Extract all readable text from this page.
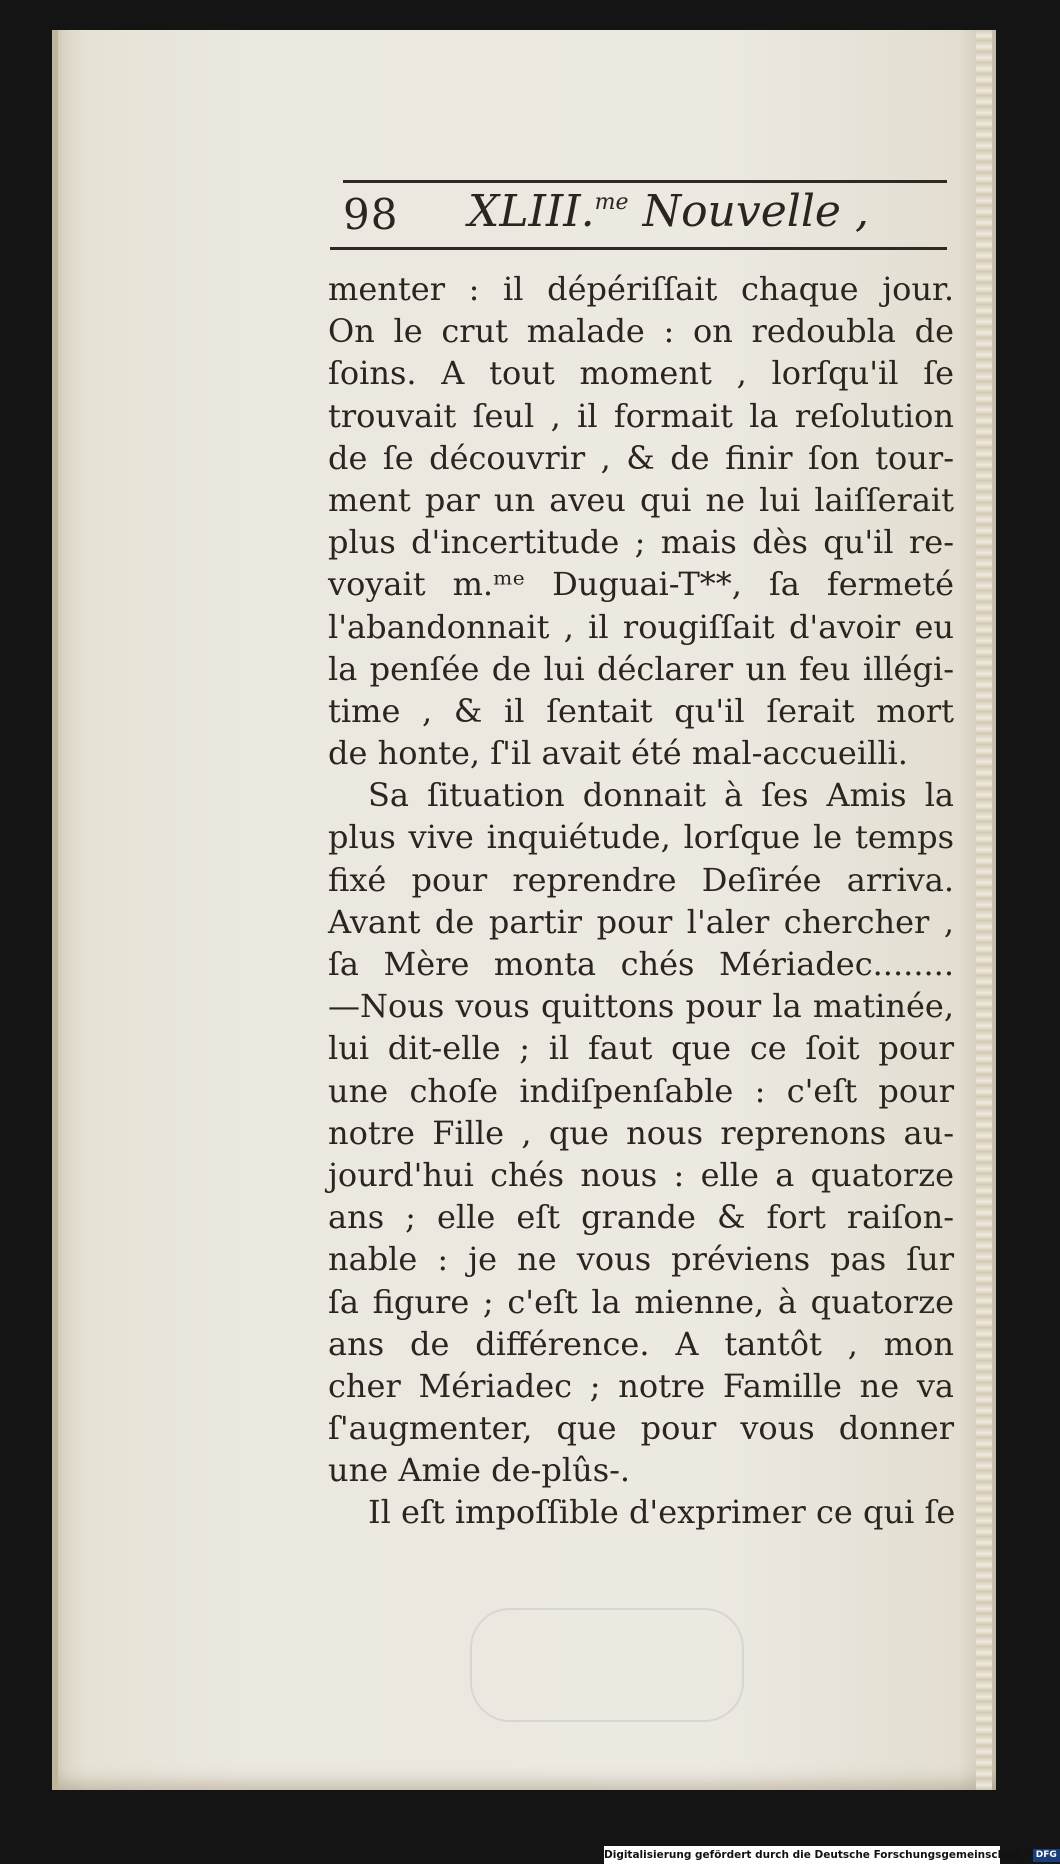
98 XLIII.$^{me}$ Nouvelle ,
menter : il dépériſſait chaque jour.
On le crut malade : on redoubla de
ſoins. A tout moment , lorſqu'il ſe
trouvait ſeul , il formait la reſolution
de ſe découvrir , & de finir ſon tour-
ment par un aveu qui ne lui laiſſerait
plus d'incertitude ; mais dès qu'il re-
voyait m.ᵐᵉ Duguai-T**, ſa fermeté
l'abandonnait , il rougiſſait d'avoir eu
la penſée de lui déclarer un feu illégi-
time , & il ſentait qu'il ſerait mort
de honte, ſ'il avait été mal-accueilli.
Sa ſituation donnait à ſes Amis la
plus vive inquiétude, lorſque le temps
fixé pour reprendre Deſirée arriva.
Avant de partir pour l'aler chercher ,
ſa Mère monta chés Mériadec........
—Nous vous quittons pour la matinée,
lui dit-elle ; il faut que ce ſoit pour
une choſe indiſpenſable : c'eſt pour
notre Fille , que nous reprenons au-
jourd'hui chés nous : elle a quatorze
ans ; elle eſt grande & fort raiſon-
nable : je ne vous préviens pas ſur
ſa figure ; c'eſt la mienne, à quatorze
ans de différence. A tantôt , mon
cher Mériadec ; notre Famille ne va
ſ'augmenter, que pour vous donner
une Amie de-plûs-.
Il eſt impoſſible d'exprimer ce qui ſe
Digitalisierung gefördert durch die Deutsche Forschungsgemeinschaft - DFG
